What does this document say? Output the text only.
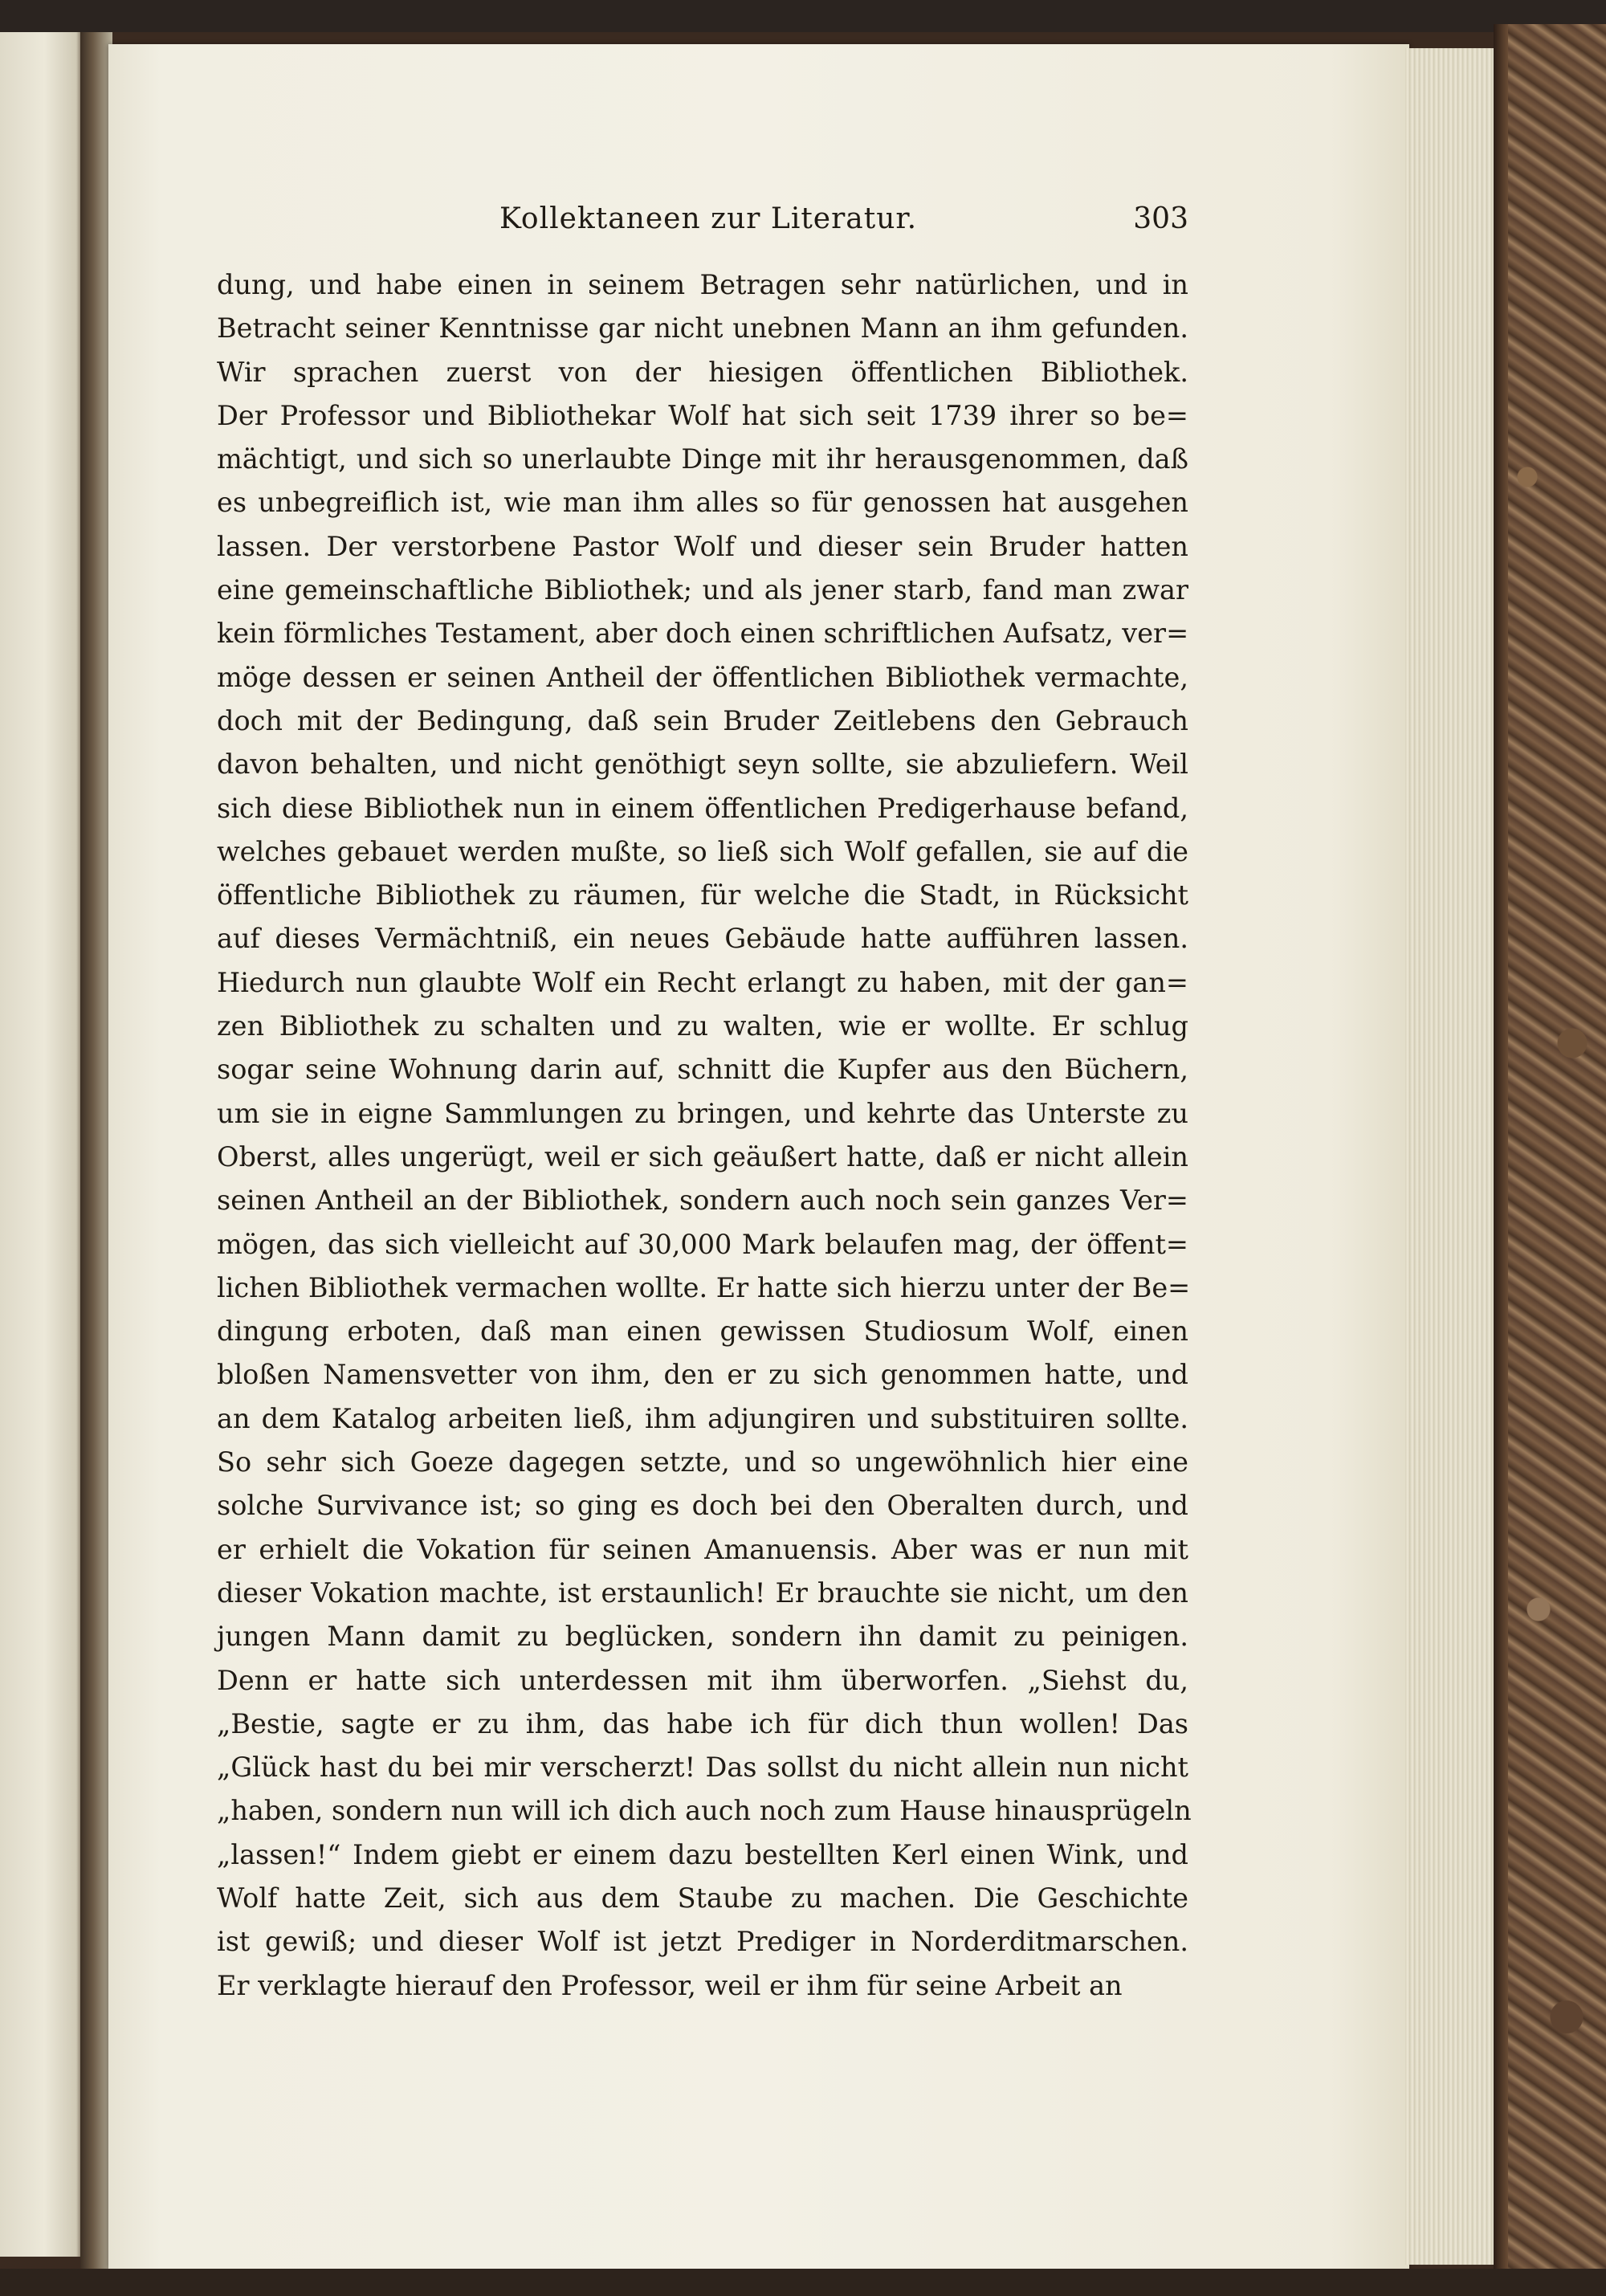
Kollektaneen zur Literatur.	303
dung, und habe einen in seinem Betragen sehr natürlichen, und in
Betracht seiner Kenntnisse gar nicht unebnen Mann an ihm gefunden.
Wir sprachen zuerst von der hiesigen öffentlichen Bibliothek.
Der Professor und Bibliothekar Wolf hat sich seit 1739 ihrer so be=
mächtigt, und sich so unerlaubte Dinge mit ihr herausgenommen, daß
es unbegreiflich ist, wie man ihm alles so für genossen hat ausgehen
lassen. Der verstorbene Pastor Wolf und dieser sein Bruder hatten
eine gemeinschaftliche Bibliothek; und als jener starb, fand man zwar
kein förmliches Testament, aber doch einen schriftlichen Aufsatz, ver=
möge dessen er seinen Antheil der öffentlichen Bibliothek vermachte,
doch mit der Bedingung, daß sein Bruder Zeitlebens den Gebrauch
davon behalten, und nicht genöthigt seyn sollte, sie abzuliefern. Weil
sich diese Bibliothek nun in einem öffentlichen Predigerhause befand,
welches gebauet werden mußte, so ließ sich Wolf gefallen, sie auf die
öffentliche Bibliothek zu räumen, für welche die Stadt, in Rücksicht
auf dieses Vermächtniß, ein neues Gebäude hatte aufführen lassen.
Hiedurch nun glaubte Wolf ein Recht erlangt zu haben, mit der gan=
zen Bibliothek zu schalten und zu walten, wie er wollte. Er schlug
sogar seine Wohnung darin auf, schnitt die Kupfer aus den Büchern,
um sie in eigne Sammlungen zu bringen, und kehrte das Unterste zu
Oberst, alles ungerügt, weil er sich geäußert hatte, daß er nicht allein
seinen Antheil an der Bibliothek, sondern auch noch sein ganzes Ver=
mögen, das sich vielleicht auf 30,000 Mark belaufen mag, der öffent=
lichen Bibliothek vermachen wollte. Er hatte sich hierzu unter der Be=
dingung erboten, daß man einen gewissen Studiosum Wolf, einen
bloßen Namensvetter von ihm, den er zu sich genommen hatte, und
an dem Katalog arbeiten ließ, ihm adjungiren und substituiren sollte.
So sehr sich Goeze dagegen setzte, und so ungewöhnlich hier eine
solche Survivance ist; so ging es doch bei den Oberalten durch, und
er erhielt die Vokation für seinen Amanuensis. Aber was er nun mit
dieser Vokation machte, ist erstaunlich! Er brauchte sie nicht, um den
jungen Mann damit zu beglücken, sondern ihn damit zu peinigen.
Denn er hatte sich unterdessen mit ihm überworfen. „Siehst du,
„Bestie, sagte er zu ihm, das habe ich für dich thun wollen! Das
„Glück hast du bei mir verscherzt! Das sollst du nicht allein nun nicht
„haben, sondern nun will ich dich auch noch zum Hause hinausprügeln
„lassen!“ Indem giebt er einem dazu bestellten Kerl einen Wink, und
Wolf hatte Zeit, sich aus dem Staube zu machen. Die Geschichte
ist gewiß; und dieser Wolf ist jetzt Prediger in Norderditmarschen.
Er verklagte hierauf den Professor, weil er ihm für seine Arbeit an
